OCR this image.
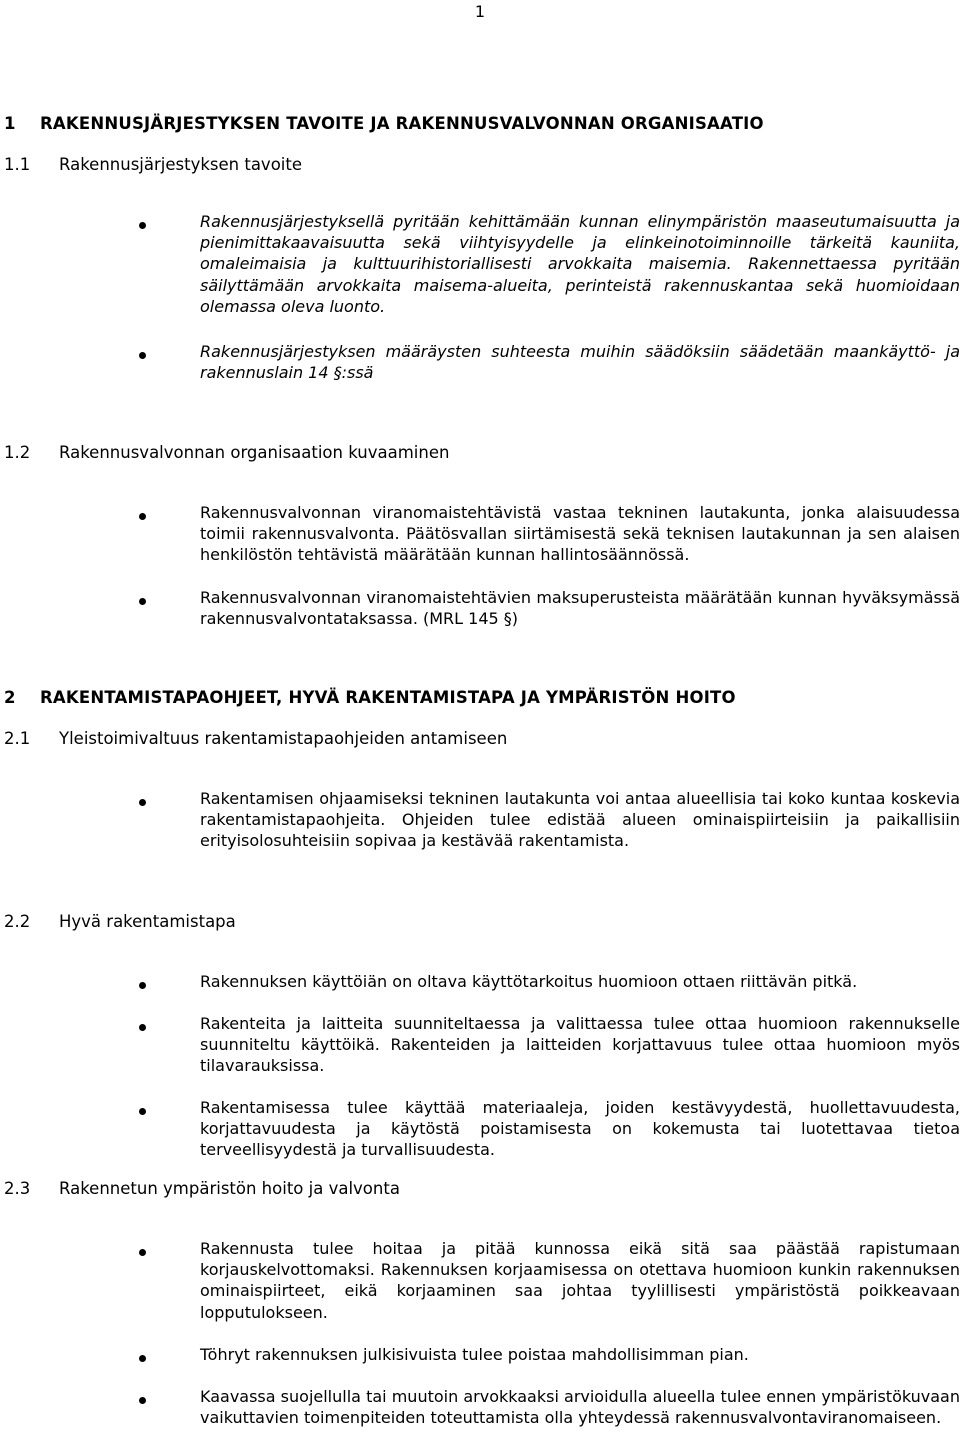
1
1 RAKENNUSJÄRJESTYKSEN TAVOITE JA RAKENNUSVALVONNAN ORGANISAATIO
1.1 Rakennusjärjestyksen tavoite
Rakennusjärjestyksellä pyritään kehittämään kunnan elinympäristön maaseutumaisuutta ja pienimittakaavaisuutta sekä viihtyisyydelle ja elinkeinotoiminnoille tärkeitä kauniita, omaleimaisia ja kulttuurihistoriallisesti arvokkaita maisemia. Rakennettaessa pyritään säilyttämään arvokkaita maisema-alueita, perinteistä rakennuskantaa sekä huomioidaan olemassa oleva luonto.
Rakennusjärjestyksen määräysten suhteesta muihin säädöksiin säädetään maankäyttö- ja rakennuslain 14 §:ssä
1.2 Rakennusvalvonnan organisaation kuvaaminen
Rakennusvalvonnan viranomaistehtävistä vastaa tekninen lautakunta, jonka alaisuudessa toimii rakennusvalvonta. Päätösvallan siirtämisestä sekä teknisen lautakunnan ja sen alaisen henkilöstön tehtävistä määrätään kunnan hallintosäännössä.
Rakennusvalvonnan viranomaistehtävien maksuperusteista määrätään kunnan hyväksymässä rakennusvalvontataksassa. (MRL 145 §)
2 RAKENTAMISTAPAOHJEET, HYVÄ RAKENTAMISTAPA JA YMPÄRISTÖN HOITO
2.1 Yleistoimivaltuus rakentamistapaohjeiden antamiseen
Rakentamisen ohjaamiseksi tekninen lautakunta voi antaa alueellisia tai koko kuntaa koskevia rakentamistapaohjeita. Ohjeiden tulee edistää alueen ominaispiirteisiin ja paikallisiin erityisolosuhteisiin sopivaa ja kestävää rakentamista.
2.2 Hyvä rakentamistapa
Rakennuksen käyttöiän on oltava käyttötarkoitus huomioon ottaen riittävän pitkä.
Rakenteita ja laitteita suunniteltaessa ja valittaessa tulee ottaa huomioon rakennukselle suunniteltu käyttöikä. Rakenteiden ja laitteiden korjattavuus tulee ottaa huomioon myös tilavarauksissa.
Rakentamisessa tulee käyttää materiaaleja, joiden kestävyydestä, huollettavuudesta, korjattavuudesta ja käytöstä poistamisesta on kokemusta tai luotettavaa tietoa terveellisyydestä ja turvallisuudesta.
2.3 Rakennetun ympäristön hoito ja valvonta
Rakennusta tulee hoitaa ja pitää kunnossa eikä sitä saa päästää rapistumaan korjauskelvottomaksi. Rakennuksen korjaamisessa on otettava huomioon kunkin rakennuksen ominaispiirteet, eikä korjaaminen saa johtaa tyylillisesti ympäristöstä poikkeavaan lopputulokseen.
Töhryt rakennuksen julkisivuista tulee poistaa mahdollisimman pian.
Kaavassa suojellulla tai muutoin arvokkaaksi arvioidulla alueella tulee ennen ympäristökuvaan vaikuttavien toimenpiteiden toteuttamista olla yhteydessä rakennusvalvontaviranomaiseen.
